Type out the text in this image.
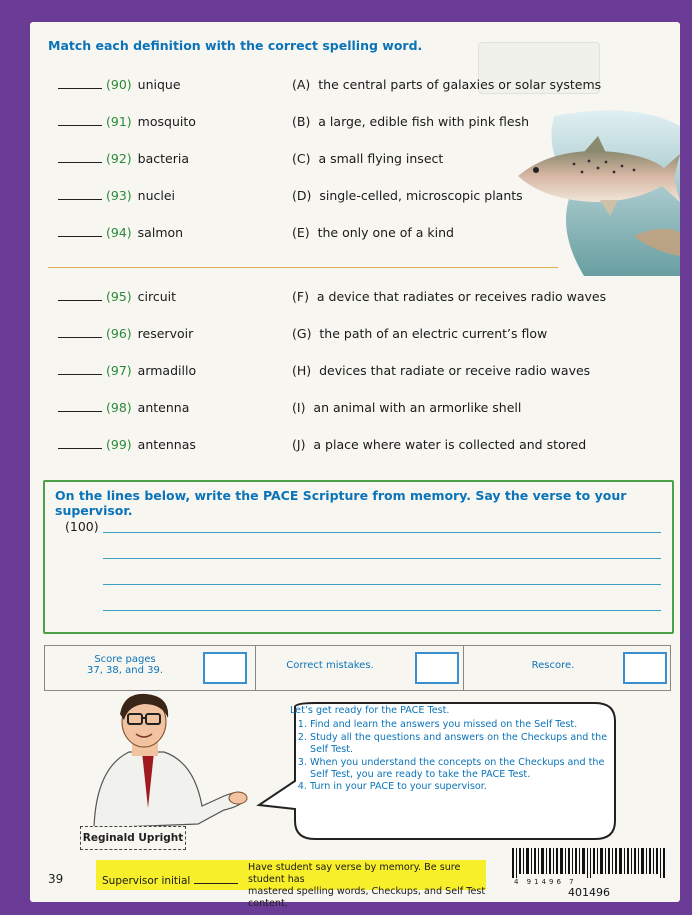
Match each definition with the correct spelling word.
(90) unique	(A) the central parts of galaxies or solar systems
(91) mosquito	(B) a large, edible fish with pink flesh
(92) bacteria	(C) a small flying insect
(93) nuclei	(D) single-celled, microscopic plants
(94) salmon	(E) the only one of a kind
(95) circuit	(F) a device that radiates or receives radio waves
(96) reservoir	(G) the path of an electric current’s flow
(97) armadillo	(H) devices that radiate or receive radio waves
(98) antenna	(I) an animal with an armorlike shell
(99) antennas	(J) a place where water is collected and stored
On the lines below, write the PACE Scripture from memory. Say the verse to your supervisor.
(100)
Score pages
37, 38, and 39.	Correct mistakes.	Rescore.
Let’s get ready for the PACE Test.
1. Find and learn the answers you missed on the Self Test.
2. Study all the questions and answers on the Checkups and the Self Test.
3. When you understand the concepts on the Checkups and the Self Test, you are ready to take the PACE Test.
4. Turn in your PACE to your supervisor.
Reginald Upright
39	Supervisor initial
Have student say verse by memory. Be sure student has
mastered spelling words, Checkups, and Self Test content.
4 91496 7
401496
